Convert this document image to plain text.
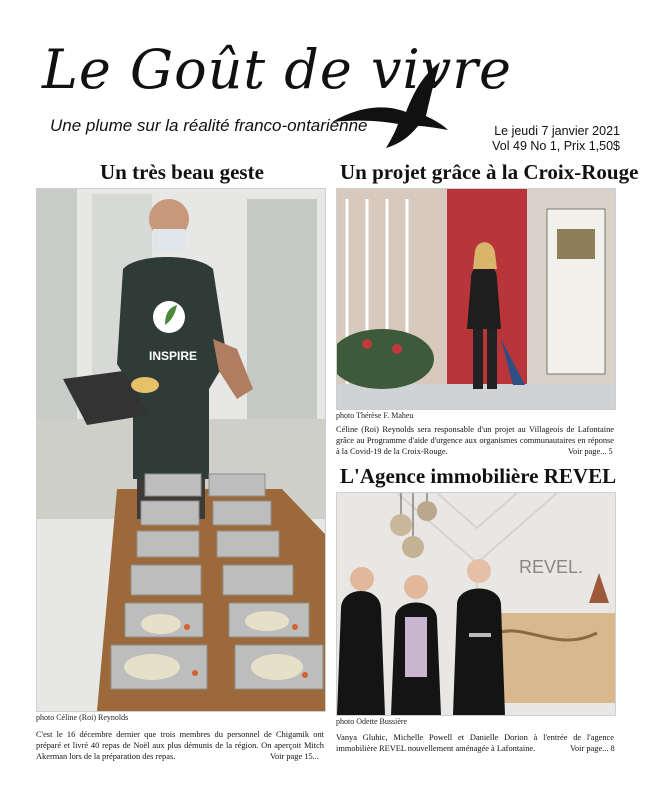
Le Goût de vivre
Une plume sur la réalité franco-ontarienne	Le jeudi 7 janvier 2021
Vol 49 No 1, Prix 1,50$
Un très beau geste
INSPIRE
photo Céline (Roi) Reynolds
C'est le 16 décembre dernier que trois membres du personnel de Chigamik ont préparé et livré 40 repas de Noël aux plus démunis de la région. On aperçoit Mitch Akerman lors de la préparation des repas.	Voir page 15...
Un projet grâce à la Croix-Rouge
photo Thérèse F. Maheu
Céline (Roi) Reynolds sera responsable d'un projet au Villageois de Lafontaine grâce au Programme d'aide d'urgence aux organismes communautaires en réponse à la Covid-19 de la Croix-Rouge.	Voir page... 5
L'Agence immobilière REVEL
REVEL.
photo Odette Bussière
Vanya Gluhic, Michelle Powell et Danielle Dorion à l'entrée de l'agence immobilière REVEL nouvellement aménagée à Lafontaine.	Voir page... 8
